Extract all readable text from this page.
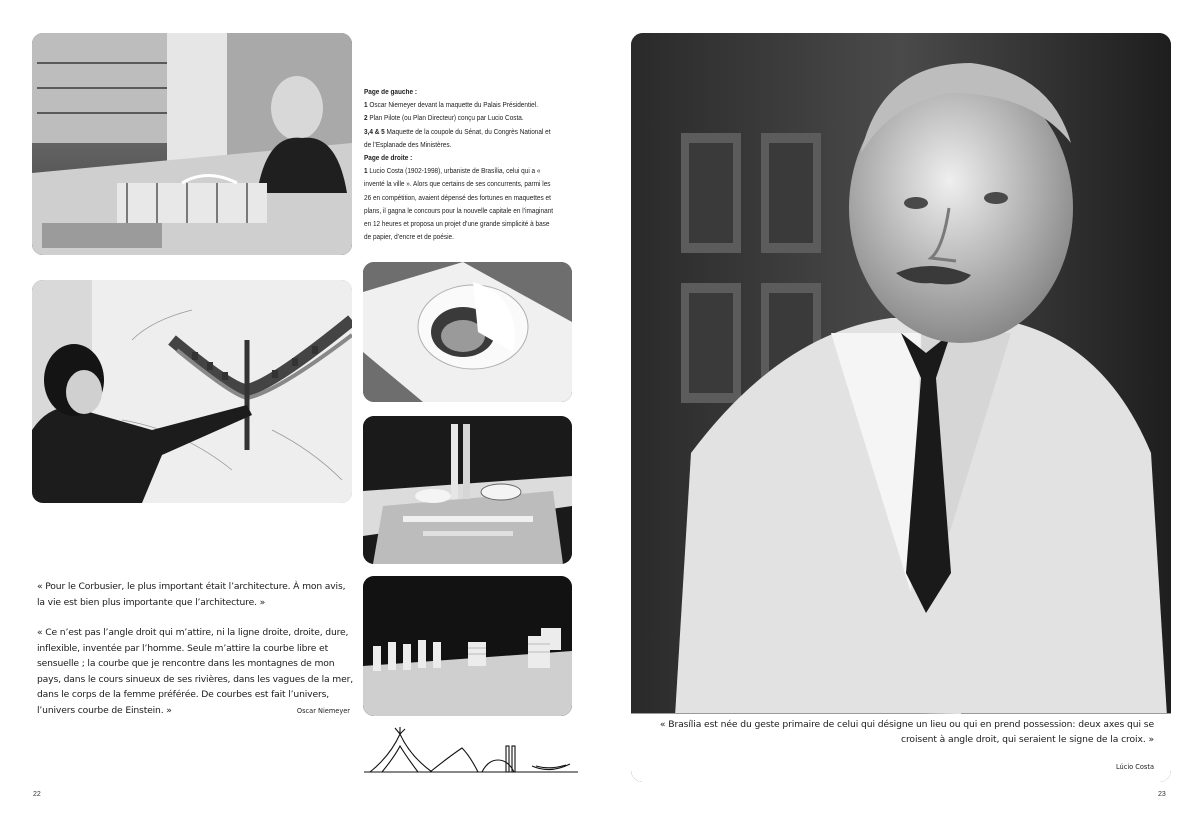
Page de gauche :
1 Oscar Niemeyer devant la maquette du Palais Présidentiel.
2 Plan Pilote (ou Plan Directeur) conçu par Lucio Costa.
3,4 & 5 Maquette de la coupole du Sénat, du Congrès National et de l’Esplanade des Ministères.
Page de droite :
1 Lucio Costa (1902-1998), urbaniste de Brasília, celui qui a « inventé la ville ». Alors que certains de ses concurrents, parmi les 26 en compétition, avaient dépensé des fortunes en maquettes et plans, il gagna le concours pour la nouvelle capitale en l’imaginant en 12 heures et proposa un projet d’une grande simplicité à base de papier, d’encre et de poésie.
« Pour le Corbusier, le plus important était l’architecture. À mon avis, la vie est bien plus importante que l’architecture. »
« Ce n’est pas l’angle droit qui m’attire, ni la ligne droite, droite, dure, inflexible, inventée par l’homme. Seule m’attire la courbe libre et sensuelle ; la courbe que je rencontre dans les montagnes de mon pays, dans le cours sinueux de ses rivières, dans les vagues de la mer, dans le corps de la femme préférée. De courbes est fait l’univers, l’univers courbe de Einstein. »	Oscar Niemeyer
« Brasília est née du geste primaire de celui qui désigne un lieu ou qui en prend possession: deux axes qui se croisent à angle droit, qui seraient le signe de la croix. »
Lúcio Costa
22	23
